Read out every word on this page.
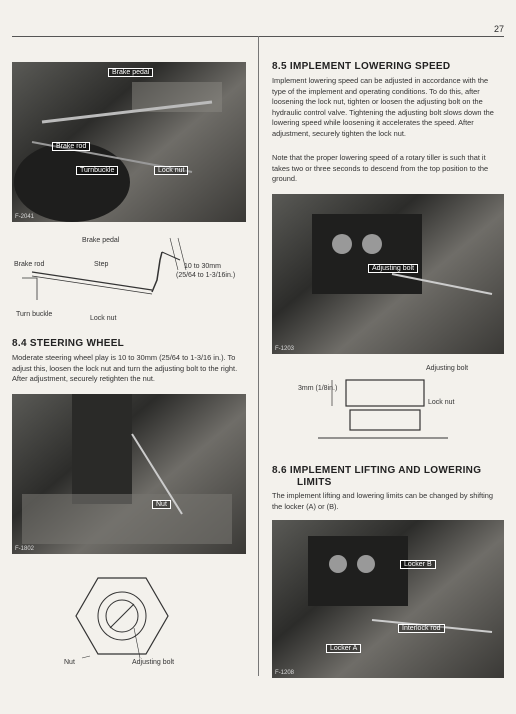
27
Brake pedal
Brake rod
Turnbuckle	Lock nut
F-2041
Brake pedal
Brake rod	Step
Turn buckle
Lock nut
10 to 30mm
(25/64 to 1-3/16in.)
8.4 STEERING WHEEL

Moderate steering wheel play is 10 to 30mm (25/64 to 1-3/16 in.). To adjust this, loosen the lock nut and turn the adjusting bolt to the right. After adjustment, securely retighten the nut.

Nut
F-1802
Nut	Adjusting bolt
8.5 IMPLEMENT LOWERING SPEED

Implement lowering speed can be adjusted in accordance with the type of the implement and operating conditions. To do this, after loosening the lock nut, tighten or loosen the adjusting bolt on the hydraulic control valve. Tightening the adjusting bolt slows down the lowering speed while loosening it accelerates the speed. After adjustment, securely tighten the lock nut.

Note that the proper lowering speed of a rotary tiller is such that it takes two or three seconds to descend from the top position to the ground.

Adjusting bolt
F-1203
3mm (1/8in.)
Adjusting bolt
Lock nut
8.6 IMPLEMENT LIFTING AND LOWERING
LIMITS

The implement lifting and lowering limits can be changed by shifting the locker (A) or (B).

Locker B
Interlock rod
Locker A
F-1208
